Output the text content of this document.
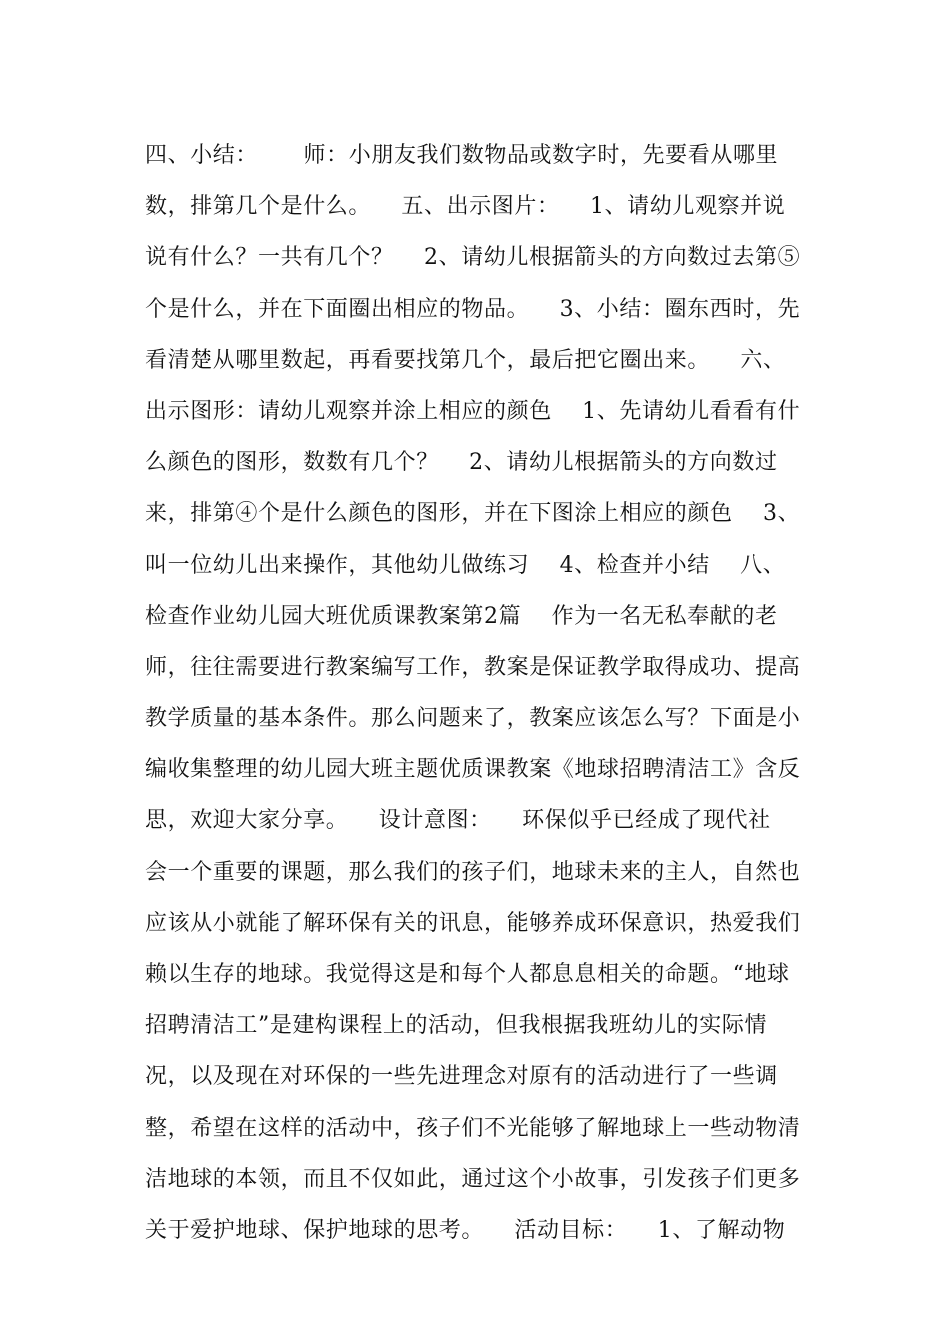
四、小结：      师：小朋友我们数物品或数字时，先要看从哪里
数，排第几个是什么。    五、出示图片：    1、请幼儿观察并说
说有什么？一共有几个？    2、请幼儿根据箭头的方向数过去第⑤
个是什么，并在下面圈出相应的物品。    3、小结：圈东西时，先
看清楚从哪里数起，再看要找第几个，最后把它圈出来。    六、
出示图形：请幼儿观察并涂上相应的颜色    1、先请幼儿看看有什
么颜色的图形，数数有几个？    2、请幼儿根据箭头的方向数过
来，排第④个是什么颜色的图形，并在下图涂上相应的颜色    3、
叫一位幼儿出来操作，其他幼儿做练习    4、检查并小结    八、
检查作业幼儿园大班优质课教案第2篇    作为一名无私奉献的老
师，往往需要进行教案编写工作，教案是保证教学取得成功、提高
教学质量的基本条件。那么问题来了，教案应该怎么写？下面是小
编收集整理的幼儿园大班主题优质课教案《地球招聘清洁工》含反
思，欢迎大家分享。    设计意图：    环保似乎已经成了现代社
会一个重要的课题，那么我们的孩子们，地球未来的主人，自然也
应该从小就能了解环保有关的讯息，能够养成环保意识，热爱我们
赖以生存的地球。我觉得这是和每个人都息息相关的命题。“地球
招聘清洁工”是建构课程上的活动，但我根据我班幼儿的实际情
况，以及现在对环保的一些先进理念对原有的活动进行了一些调
整，希望在这样的活动中，孩子们不光能够了解地球上一些动物清
洁地球的本领，而且不仅如此，通过这个小故事，引发孩子们更多
关于爱护地球、保护地球的思考。    活动目标：    1、了解动物
